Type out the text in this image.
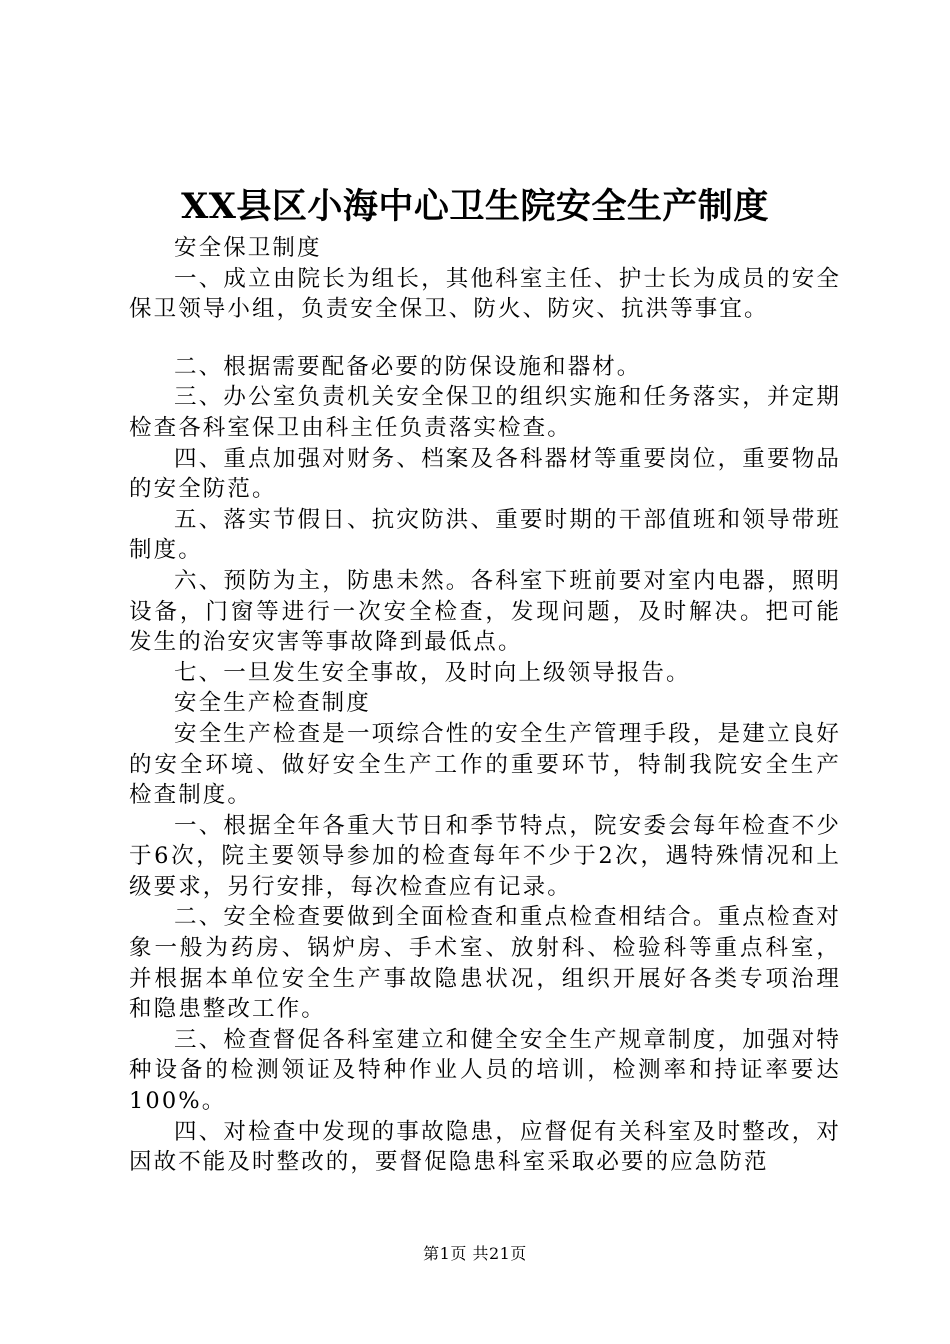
XX县区小海中心卫生院安全生产制度

安全保卫制度

一、成立由院长为组长，其他科室主任、护士长为成员的安全保卫领导小组，负责安全保卫、防火、防灾、抗洪等事宜。

二、根据需要配备必要的防保设施和器材。

三、办公室负责机关安全保卫的组织实施和任务落实，并定期检查各科室保卫由科主任负责落实检查。

四、重点加强对财务、档案及各科器材等重要岗位，重要物品的安全防范。

五、落实节假日、抗灾防洪、重要时期的干部值班和领导带班制度。

六、预防为主，防患未然。各科室下班前要对室内电器，照明设备，门窗等进行一次安全检查，发现问题，及时解决。把可能发生的治安灾害等事故降到最低点。

七、一旦发生安全事故，及时向上级领导报告。

安全生产检查制度

安全生产检查是一项综合性的安全生产管理手段，是建立良好的安全环境、做好安全生产工作的重要环节，特制我院安全生产检查制度。

一、根据全年各重大节日和季节特点，院安委会每年检查不少于6次，院主要领导参加的检查每年不少于2次，遇特殊情况和上级要求，另行安排，每次检查应有记录。

二、安全检查要做到全面检查和重点检查相结合。重点检查对象一般为药房、锅炉房、手术室、放射科、检验科等重点科室，并根据本单位安全生产事故隐患状况，组织开展好各类专项治理和隐患整改工作。

三、检查督促各科室建立和健全安全生产规章制度，加强对特种设备的检测领证及特种作业人员的培训，检测率和持证率要达100%。

四、对检查中发现的事故隐患，应督促有关科室及时整改，对因故不能及时整改的，要督促隐患科室采取必要的应急防范

第1页 共21页
